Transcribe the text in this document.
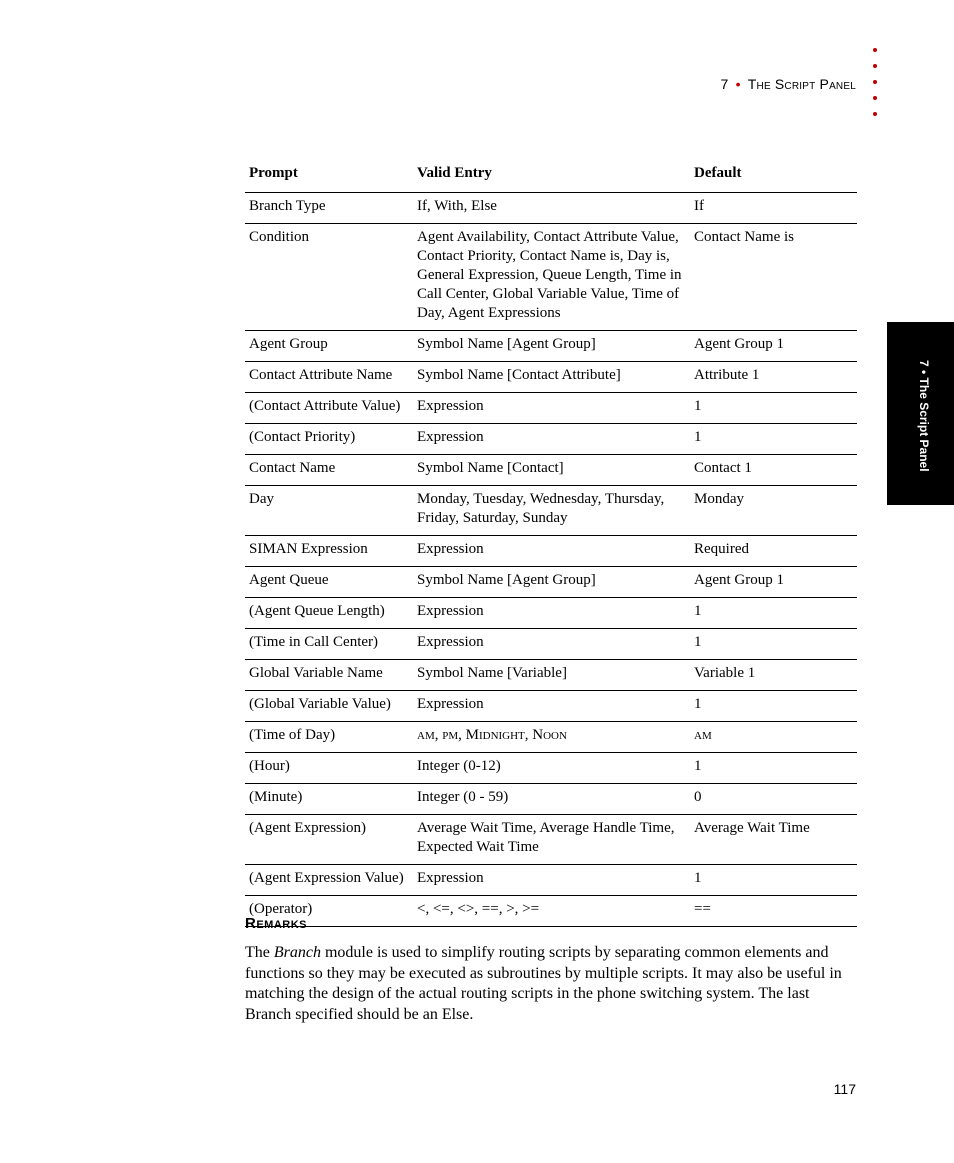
7 • The Script Panel
7 • The Script Panel
Prompt	Valid Entry	Default
Branch Type	If, With, Else	If
Condition	Agent Availability, Contact Attribute Value, Contact Priority, Contact Name is, Day is, General Expression, Queue Length, Time in Call Center, Global Variable Value, Time of Day, Agent Expressions	Contact Name is
Agent Group	Symbol Name [Agent Group]	Agent Group 1
Contact Attribute Name	Symbol Name [Contact Attribute]	Attribute 1
(Contact Attribute Value)	Expression	1
(Contact Priority)	Expression	1
Contact Name	Symbol Name [Contact]	Contact 1
Day	Monday, Tuesday, Wednesday, Thursday, Friday, Saturday, Sunday	Monday
SIMAN Expression	Expression	Required
Agent Queue	Symbol Name [Agent Group]	Agent Group 1
(Agent Queue Length)	Expression	1
(Time in Call Center)	Expression	1
Global Variable Name	Symbol Name [Variable]	Variable 1
(Global Variable Value)	Expression	1
(Time of Day)	am, pm, Midnight, Noon	am
(Hour)	Integer (0-12)	1
(Minute)	Integer (0 - 59)	0
(Agent Expression)	Average Wait Time, Average Handle Time, Expected Wait Time	Average Wait Time
(Agent Expression Value)	Expression	1
(Operator)	<, <=, <>, ==, >, >=	==
Remarks

The Branch module is used to simplify routing scripts by separating common elements and functions so they may be executed as subroutines by multiple scripts. It may also be useful in matching the design of the actual routing scripts in the phone switching system. The last Branch specified should be an Else.

117
